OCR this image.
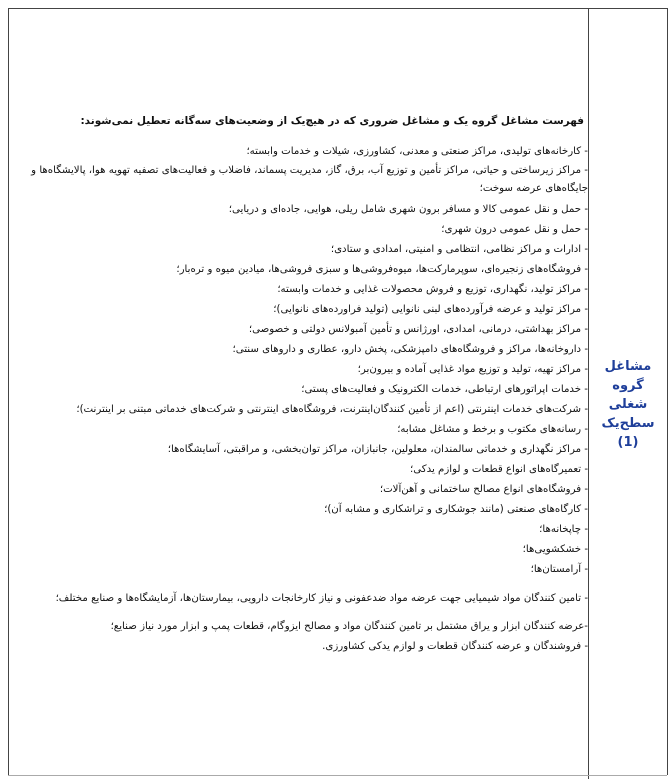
مشاغل گروه شغلی سطح‌یک (1)
فهرست مشاغل گروه یک و مشاغل ضروری که در هیچ‌یک از وضعیت‌های سه‌گانه تعطیل نمی‌شوند:
- کارخانه‌های تولیدی، مراکز صنعتی و معدنی، کشاورزی، شیلات و خدمات وابسته؛
- مراکز زیرساختی و حیاتی، مراکز تأمین و توزیع آب، برق، گاز، مدیریت پسماند، فاضلاب و فعالیت‌های تصفیه تهویه هوا، پالایشگاه‌ها و جایگاه‌های عرضه سوخت؛
- حمل و نقل عمومی کالا و مسافر برون شهری شامل ریلی، هوایی، جاده‌ای و دریایی؛
- حمل و نقل عمومی درون شهری؛
- ادارات و مراکز نظامی، انتظامی و امنیتی، امدادی و ستادی؛
- فروشگاه‌های زنجیره‌ای، سوپرمارکت‌ها، میوه‌فروشی‌ها و سبزی فروشی‌ها، میادین میوه و تره‌بار؛
- مراکز تولید، نگهداری، توزیع و فروش محصولات غذایی و خدمات وابسته؛
- مراکز تولید و عرضه فرآورده‌های لبنی نانوایی (تولید فراورده‌های نانوایی)؛
- مراکز بهداشتی، درمانی، امدادی، اورژانس و تأمین آمبولانس دولتی و خصوصی؛
- داروخانه‌ها، مراکز و فروشگاه‌های دامپزشکی، پخش دارو، عطاری و داروهای سنتی؛
- مراکز تهیه، تولید و توزیع مواد غذایی آماده و بیرون‌بر؛
- خدمات اپراتورهای ارتباطی، خدمات الکترونیک و فعالیت‌های پستی؛
- شرکت‌های خدمات اینترنتی (اعم از تأمین کنندگان‌اینترنت، فروشگاه‌های اینترنتی و شرکت‌های خدماتی مبتنی بر اینترنت)؛
- رسانه‌های مکتوب و برخط و مشاغل مشابه؛
- مراکز نگهداری و خدماتی سالمندان، معلولین، جانبازان، مراکز توان‌بخشی، و مراقبتی، آسایشگاه‌ها؛
- تعمیرگاه‌های انواع قطعات و لوازم یدکی؛
- فروشگاه‌های انواع مصالح ساختمانی و آهن‌آلات؛
- کارگاه‌های صنعتی (مانند جوشکاری و تراشکاری و مشابه آن)؛
- چاپخانه‌ها؛
- خشکشویی‌ها؛
- آرامستان‌ها؛
- تامین کنندگان مواد شیمیایی جهت عرضه مواد ضدعفونی و نیاز کارخانجات دارویی، بیمارستان‌ها، آزمایشگاه‌ها و صنایع مختلف؛
-عرضه کنندگان ابزار و یراق مشتمل بر تامین کنندگان مواد و مصالح ایزوگام، قطعات پمپ و ابزار مورد نیاز صنایع؛
- فروشندگان و عرضه کنندگان قطعات و لوازم یدکی کشاورزی.
